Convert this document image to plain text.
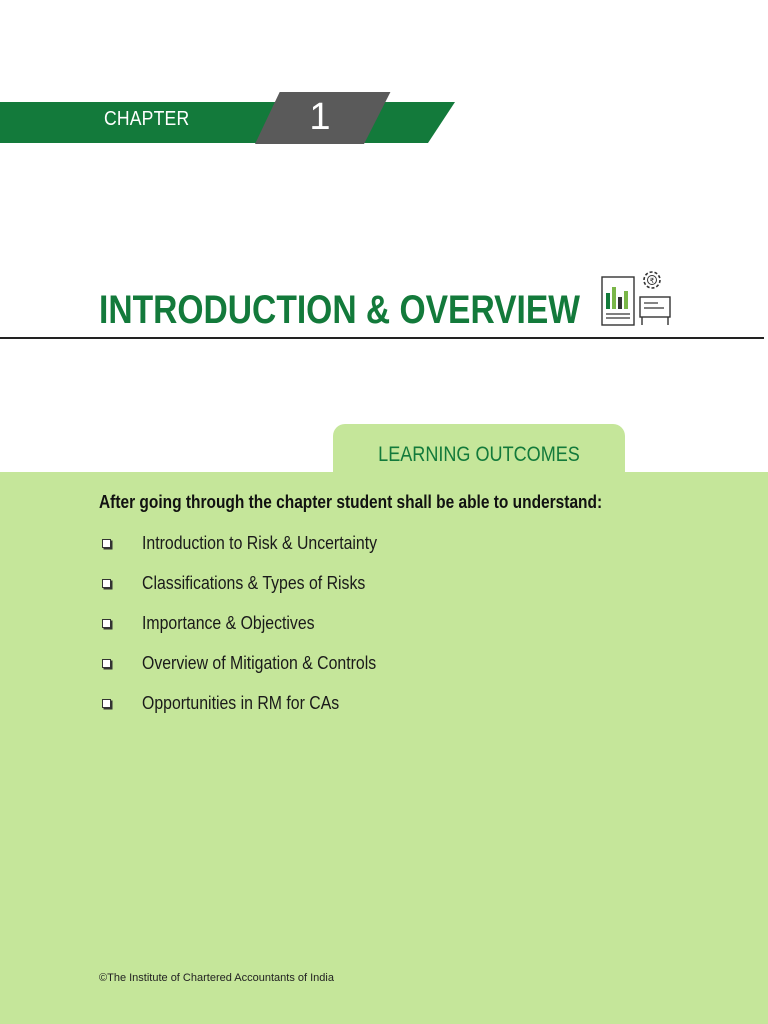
CHAPTER	1
INTRODUCTION & OVERVIEW
₹
LEARNING OUTCOMES
After going through the chapter student shall be able to understand:
Introduction to Risk & Uncertainty
Classifications & Types of Risks
Importance & Objectives
Overview of Mitigation & Controls
Opportunities in RM for CAs
©The Institute of Chartered Accountants of India
